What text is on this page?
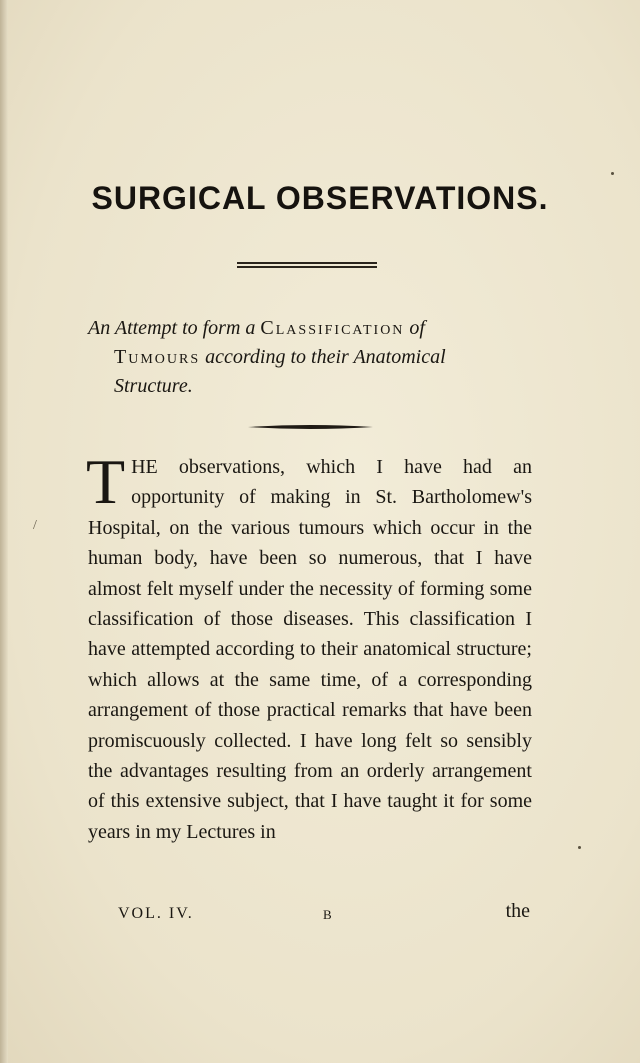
SURGICAL OBSERVATIONS.

An Attempt to form a Classification of
Tumours according to their Anatomical
Structure.

THE observations, which I have had an opportunity of making in St. Bartholomew's Hospital, on the various tumours which occur in the human body, have been so numerous, that I have almost felt myself under the necessity of forming some classification of those diseases. This classification I have attempted according to their anatomical structure; which allows at the same time, of a corresponding arrangement of those practical remarks that have been promiscuously collected. I have long felt so sensibly the advantages resulting from an orderly arrangement of this extensive subject, that I have taught it for some years in my Lectures in

/
VOL. IV.	B	the
